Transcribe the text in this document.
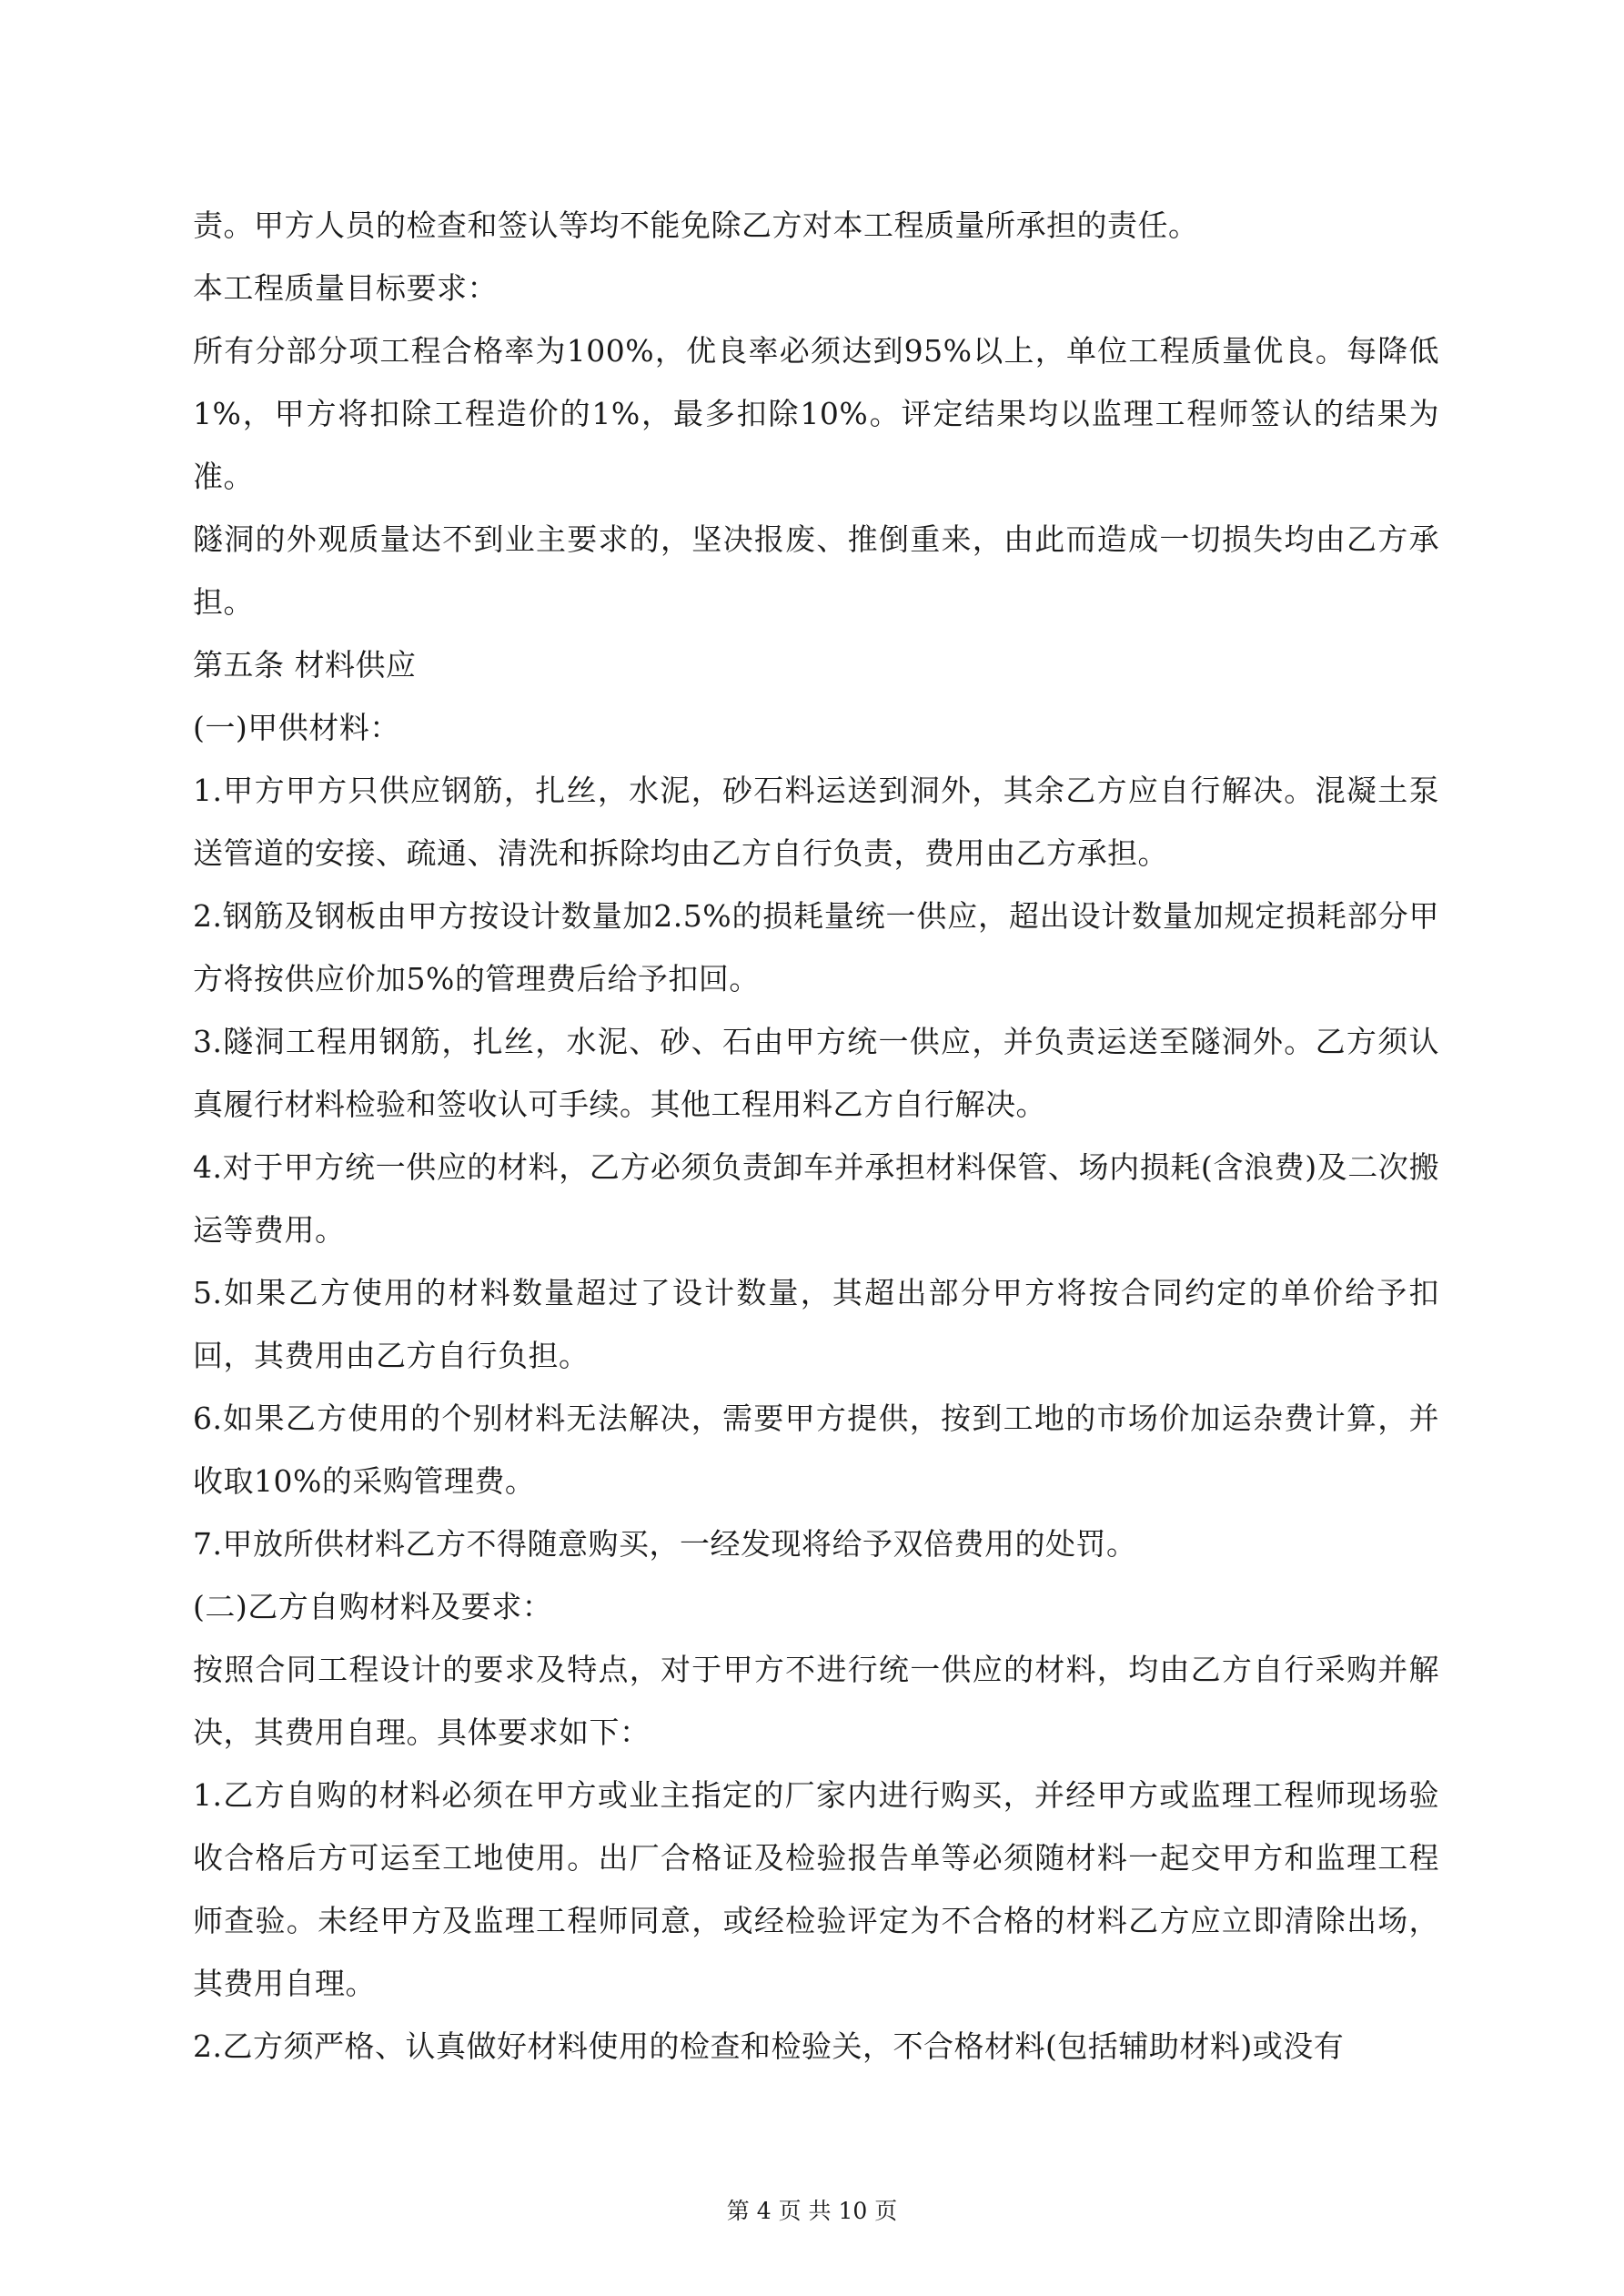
责。甲方人员的检查和签认等均不能免除乙方对本工程质量所承担的责任。

本工程质量目标要求：

所有分部分项工程合格率为100%，优良率必须达到95%以上，单位工程质量优良。每降低1%，甲方将扣除工程造价的1%，最多扣除10%。评定结果均以监理工程师签认的结果为准。

隧洞的外观质量达不到业主要求的，坚决报废、推倒重来，由此而造成一切损失均由乙方承担。

第五条 材料供应

(一)甲供材料：

1.甲方甲方只供应钢筋，扎丝，水泥，砂石料运送到洞外，其余乙方应自行解决。混凝土泵送管道的安接、疏通、清洗和拆除均由乙方自行负责，费用由乙方承担。

2.钢筋及钢板由甲方按设计数量加2.5%的损耗量统一供应，超出设计数量加规定损耗部分甲方将按供应价加5%的管理费后给予扣回。

3.隧洞工程用钢筋，扎丝，水泥、砂、石由甲方统一供应，并负责运送至隧洞外。乙方须认真履行材料检验和签收认可手续。其他工程用料乙方自行解决。

4.对于甲方统一供应的材料，乙方必须负责卸车并承担材料保管、场内损耗(含浪费)及二次搬运等费用。

5.如果乙方使用的材料数量超过了设计数量，其超出部分甲方将按合同约定的单价给予扣回，其费用由乙方自行负担。

6.如果乙方使用的个别材料无法解决，需要甲方提供，按到工地的市场价加运杂费计算，并收取10%的采购管理费。

7.甲放所供材料乙方不得随意购买，一经发现将给予双倍费用的处罚。

(二)乙方自购材料及要求：

按照合同工程设计的要求及特点，对于甲方不进行统一供应的材料，均由乙方自行采购并解决，其费用自理。具体要求如下：

1.乙方自购的材料必须在甲方或业主指定的厂家内进行购买，并经甲方或监理工程师现场验收合格后方可运至工地使用。出厂合格证及检验报告单等必须随材料一起交甲方和监理工程师查验。未经甲方及监理工程师同意，或经检验评定为不合格的材料乙方应立即清除出场，其费用自理。

2.乙方须严格、认真做好材料使用的检查和检验关，不合格材料(包括辅助材料)或没有

第 4 页 共 10 页
